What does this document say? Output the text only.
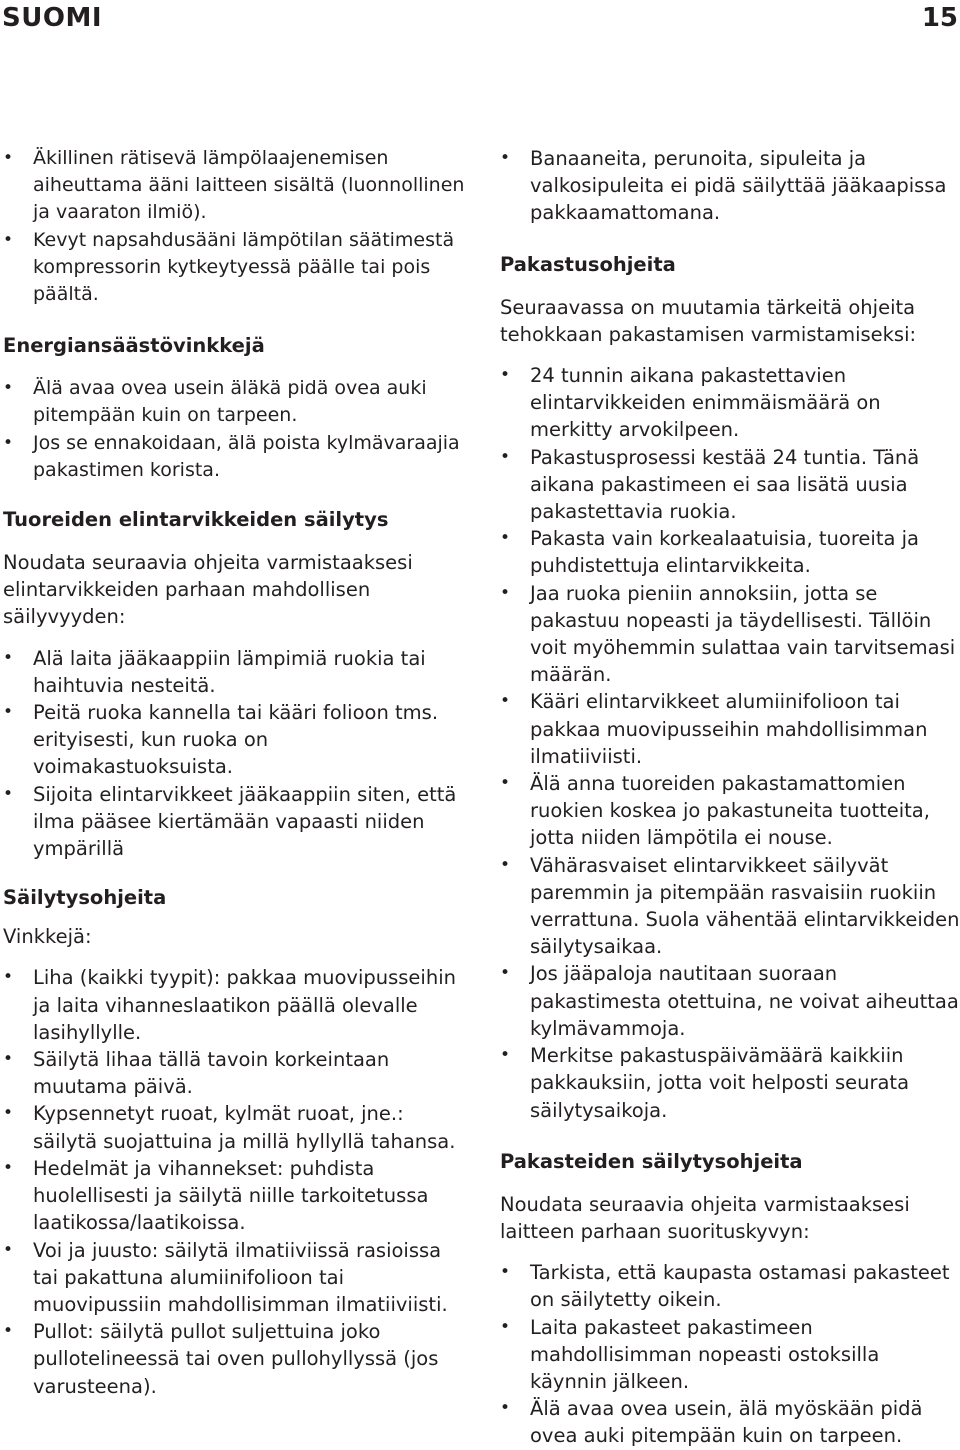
SUOMI	15
• Äkillinen rätisevä lämpölaajenemisen aiheuttama ääni laitteen sisältä (luonnollinen ja vaaraton ilmiö).
• Kevyt napsahdusääni lämpötilan säätimestä kompressorin kytkeytyessä päälle tai pois päältä.
Energiansäästövinkkejä
• Älä avaa ovea usein äläkä pidä ovea auki pitempään kuin on tarpeen.
• Jos se ennakoidaan, älä poista kylmävaraajia pakastimen korista.
Tuoreiden elintarvikkeiden säilytys

Noudata seuraavia ohjeita varmistaaksesi elintarvikkeiden parhaan mahdollisen säilyvyyden:

• Alä laita jääkaappiin lämpimiä ruokia tai haihtuvia nesteitä.
• Peitä ruoka kannella tai kääri folioon tms. erityisesti, kun ruoka on voimakastuoksuista.
• Sijoita elintarvikkeet jääkaappiin siten, että ilma pääsee kiertämään vapaasti niiden ympärillä
Säilytysohjeita

Vinkkejä:

• Liha (kaikki tyypit): pakkaa muovipusseihin ja laita vihanneslaatikon päällä olevalle lasihyllylle.
• Säilytä lihaa tällä tavoin korkeintaan muutama päivä.
• Kypsennetyt ruoat, kylmät ruoat, jne.: säilytä suojattuina ja millä hyllyllä tahansa.
• Hedelmät ja vihannekset: puhdista huolellisesti ja säilytä niille tarkoitetussa laatikossa/laatikoissa.
• Voi ja juusto: säilytä ilmatiiviissä rasioissa tai pakattuna alumiinifolioon tai muovipussiin mahdollisimman ilmatiiviisti.
• Pullot: säilytä pullot suljettuina joko pullotelineessä tai oven pullohyllyssä (jos varusteena).
• Banaaneita, perunoita, sipuleita ja valkosipuleita ei pidä säilyttää jääkaapissa pakkaamattomana.
Pakastusohjeita

Seuraavassa on muutamia tärkeitä ohjeita tehokkaan pakastamisen varmistamiseksi:

• 24 tunnin aikana pakastettavien elintarvikkeiden enimmäismäärä on merkitty arvokilpeen.
• Pakastusprosessi kestää 24 tuntia. Tänä aikana pakastimeen ei saa lisätä uusia pakastettavia ruokia.
• Pakasta vain korkealaatuisia, tuoreita ja puhdistettuja elintarvikkeita.
• Jaa ruoka pieniin annoksiin, jotta se pakastuu nopeasti ja täydellisesti. Tällöin voit myöhemmin sulattaa vain tarvitsemasi määrän.
• Kääri elintarvikkeet alumiinifolioon tai pakkaa muovipusseihin mahdollisimman ilmatiiviisti.
• Älä anna tuoreiden pakastamattomien ruokien koskea jo pakastuneita tuotteita, jotta niiden lämpötila ei nouse.
• Vähärasvaiset elintarvikkeet säilyvät paremmin ja pitempään rasvaisiin ruokiin verrattuna. Suola vähentää elintarvikkeiden säilytysaikaa.
• Jos jääpaloja nautitaan suoraan pakastimesta otettuina, ne voivat aiheuttaa kylmävammoja.
• Merkitse pakastuspäivämäärä kaikkiin pakkauksiin, jotta voit helposti seurata säilytysaikoja.
Pakasteiden säilytysohjeita

Noudata seuraavia ohjeita varmistaaksesi laitteen parhaan suorituskyvyn:

• Tarkista, että kaupasta ostamasi pakasteet on säilytetty oikein.
• Laita pakasteet pakastimeen mahdollisimman nopeasti ostoksilla käynnin jälkeen.
• Älä avaa ovea usein, älä myöskään pidä ovea auki pitempään kuin on tarpeen.
